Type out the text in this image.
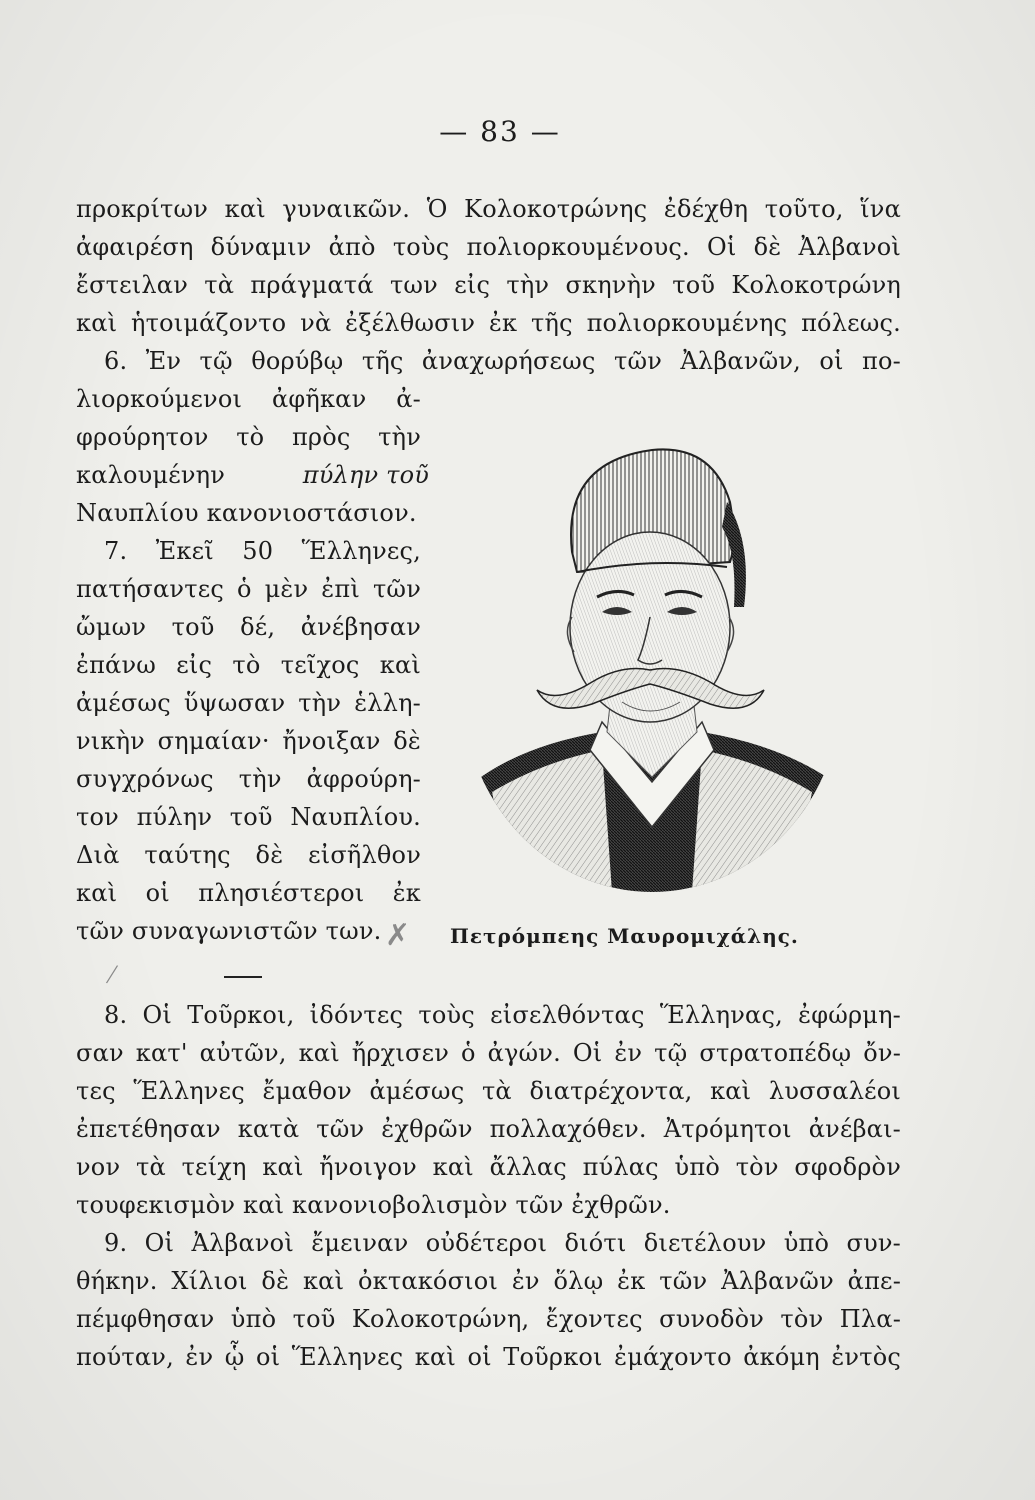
— 83 —
προκρίτων καὶ γυναικῶν. Ὁ Κολοκοτρώνης ἐδέχθη τοῦτο, ἵνα
ἀφαιρέση δύναμιν ἀπὸ τοὺς πολιορκουμένους. Οἱ δὲ Ἀλβανοὶ
ἔστειλαν τὰ πράγματά των εἰς τὴν σκηνὴν τοῦ Κολοκοτρώνη
καὶ ἡτοιμάζοντο νὰ ἐξέλθωσιν ἐκ τῆς πολιορκουμένης πόλεως.
6. Ἐν τῷ θορύβῳ τῆς ἀναχωρήσεως τῶν Ἀλβανῶν, οἱ πο-
λιορκούμενοι ἀφῆκαν ἀ-
φρούρητον τὸ πρὸς τὴν
καλουμένην	πύλην τοῦ
Ναυπλίου κανονιοστάσιον.
7. Ἐκεῖ 50 Ἕλληνες,
πατήσαντες ὁ μὲν ἐπὶ τῶν
ὤμων τοῦ δέ, ἀνέβησαν
ἐπάνω εἰς τὸ τεῖχος καὶ
ἀμέσως ὕψωσαν τὴν ἑλλη-
νικὴν σημαίαν· ἤνοιξαν δὲ
συγχρόνως τὴν ἀφρούρη-
τον πύλην τοῦ Ναυπλίου.
Διὰ ταύτης δὲ εἰσῆλθον
καὶ οἱ πλησιέστεροι ἐκ
τῶν συναγωνιστῶν των.	Πετρόμπεης Μαυρομιχάλης.
8. Οἱ Τοῦρκοι, ἰδόντες τοὺς εἰσελθόντας Ἕλληνας, ἐφώρμη-
σαν κατ' αὐτῶν, καὶ ἤρχισεν ὁ ἀγών. Οἱ ἐν τῷ στρατοπέδῳ ὄν-
τες Ἕλληνες ἔμαθον ἀμέσως τὰ διατρέχοντα, καὶ λυσσαλέοι
ἐπετέθησαν κατὰ τῶν ἐχθρῶν πολλαχόθεν. Ἀτρόμητοι ἀνέβαι-
νον τὰ τείχη καὶ ἤνοιγον καὶ ἄλλας πύλας ὑπὸ τὸν σφοδρὸν
τουφεκισμὸν καὶ κανονιοβολισμὸν τῶν ἐχθρῶν.
9. Οἱ Ἀλβανοὶ ἔμειναν οὐδέτεροι διότι διετέλουν ὑπὸ συν-
θήκην. Χίλιοι δὲ καὶ ὀκτακόσιοι ἐν ὅλῳ ἐκ τῶν Ἀλβανῶν ἀπε-
πέμφθησαν ὑπὸ τοῦ Κολοκοτρώνη, ἔχοντες συνοδὸν τὸν Πλα-
πούταν, ἐν ᾧ οἱ Ἕλληνες καὶ οἱ Τοῦρκοι ἐμάχοντο ἀκόμη ἐντὸς
✗
/
